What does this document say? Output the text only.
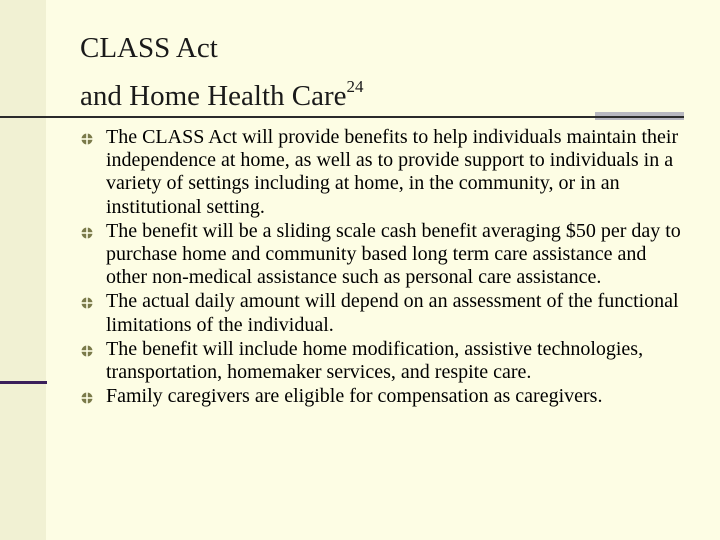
CLASS Act
and Home Health Care$^{24}$
The CLASS Act will provide benefits to help individuals maintain their independence at home, as well as to provide support to individuals in a variety of settings including at home, in the community, or in an institutional setting.
The benefit will be a sliding scale cash benefit averaging $50 per day to purchase home and community based long term care assistance and other non-medical assistance such as personal care assistance.
The actual daily amount will depend on an assessment of the functional limitations of the individual.
The benefit will include home modification, assistive technologies, transportation, homemaker services, and respite care.
Family caregivers are eligible for compensation as caregivers.
